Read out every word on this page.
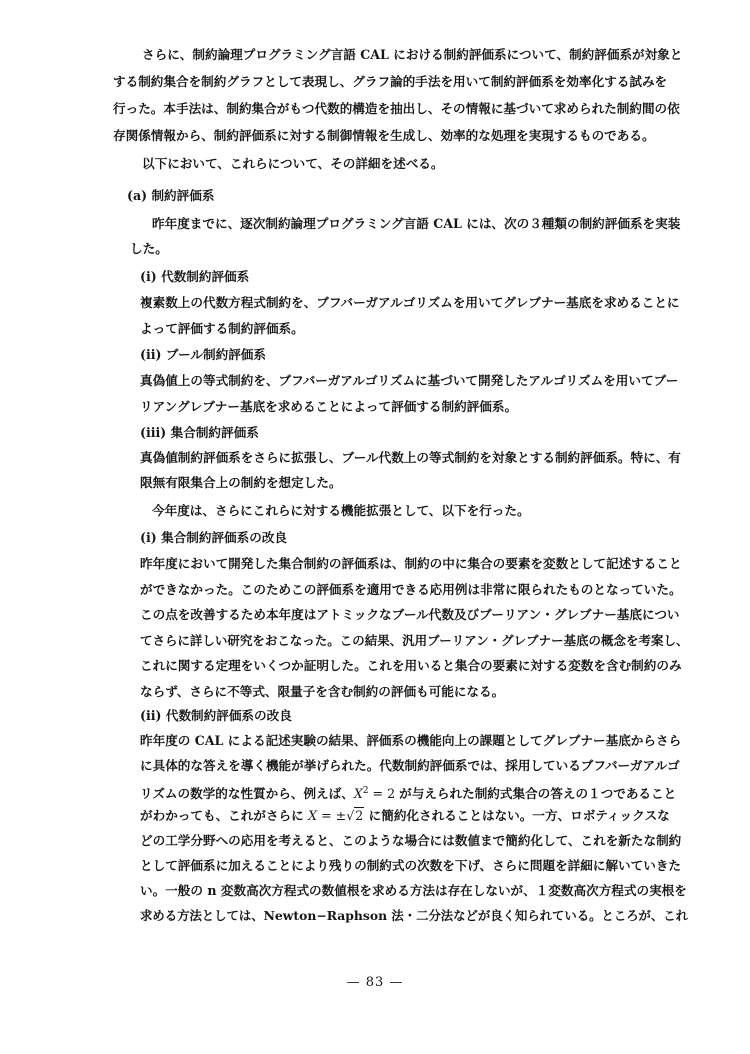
さらに、制約論理プログラミング言語 CAL における制約評価系について、制約評価系が対象と

する制約集合を制約グラフとして表現し、グラフ論的手法を用いて制約評価系を効率化する試みを

行った。本手法は、制約集合がもつ代数的構造を抽出し、その情報に基づいて求められた制約間の依

存関係情報から、制約評価系に対する制御情報を生成し、効率的な処理を実現するものである。

以下において、これらについて、その詳細を述べる。

(a) 制約評価系

昨年度までに、逐次制約論理プログラミング言語 CAL には、次の３種類の制約評価系を実装

した。

(i) 代数制約評価系

複素数上の代数方程式制約を、ブフバーガアルゴリズムを用いてグレブナー基底を求めることに

よって評価する制約評価系。

(ii) ブール制約評価系

真偽値上の等式制約を、ブフバーガアルゴリズムに基づいて開発したアルゴリズムを用いてブー

リアングレブナー基底を求めることによって評価する制約評価系。

(iii) 集合制約評価系

真偽値制約評価系をさらに拡張し、ブール代数上の等式制約を対象とする制約評価系。特に、有

限無有限集合上の制約を想定した。

今年度は、さらにこれらに対する機能拡張として、以下を行った。

(i) 集合制約評価系の改良

昨年度において開発した集合制約の評価系は、制約の中に集合の要素を変数として記述すること

ができなかった。このためこの評価系を適用できる応用例は非常に限られたものとなっていた。

この点を改善するため本年度はアトミックなブール代数及びブーリアン・グレブナー基底につい

てさらに詳しい研究をおこなった。この結果、汎用ブーリアン・グレブナー基底の概念を考案し、

これに関する定理をいくつか証明した。これを用いると集合の要素に対する変数を含む制約のみ

ならず、さらに不等式、限量子を含む制約の評価も可能になる。

(ii) 代数制約評価系の改良

昨年度の CAL による記述実験の結果、評価系の機能向上の課題としてグレブナー基底からさら

に具体的な答えを導く機能が挙げられた。代数制約評価系では、採用しているブフバーガアルゴ

リズムの数学的な性質から、例えば、$X^2 = 2$ が与えられた制約式集合の答えの１つであること

がわかっても、これがさらに X = ±√2 に簡約化されることはない。一方、ロボティックスな

どの工学分野への応用を考えると、このような場合には数値まで簡約化して、これを新たな制約

として評価系に加えることにより残りの制約式の次数を下げ、さらに問題を詳細に解いていきた

い。一般の n 変数高次方程式の数値根を求める方法は存在しないが、１変数高次方程式の実根を

求める方法としては、Newton−Raphson 法・二分法などが良く知られている。ところが、これ

— 83 —
